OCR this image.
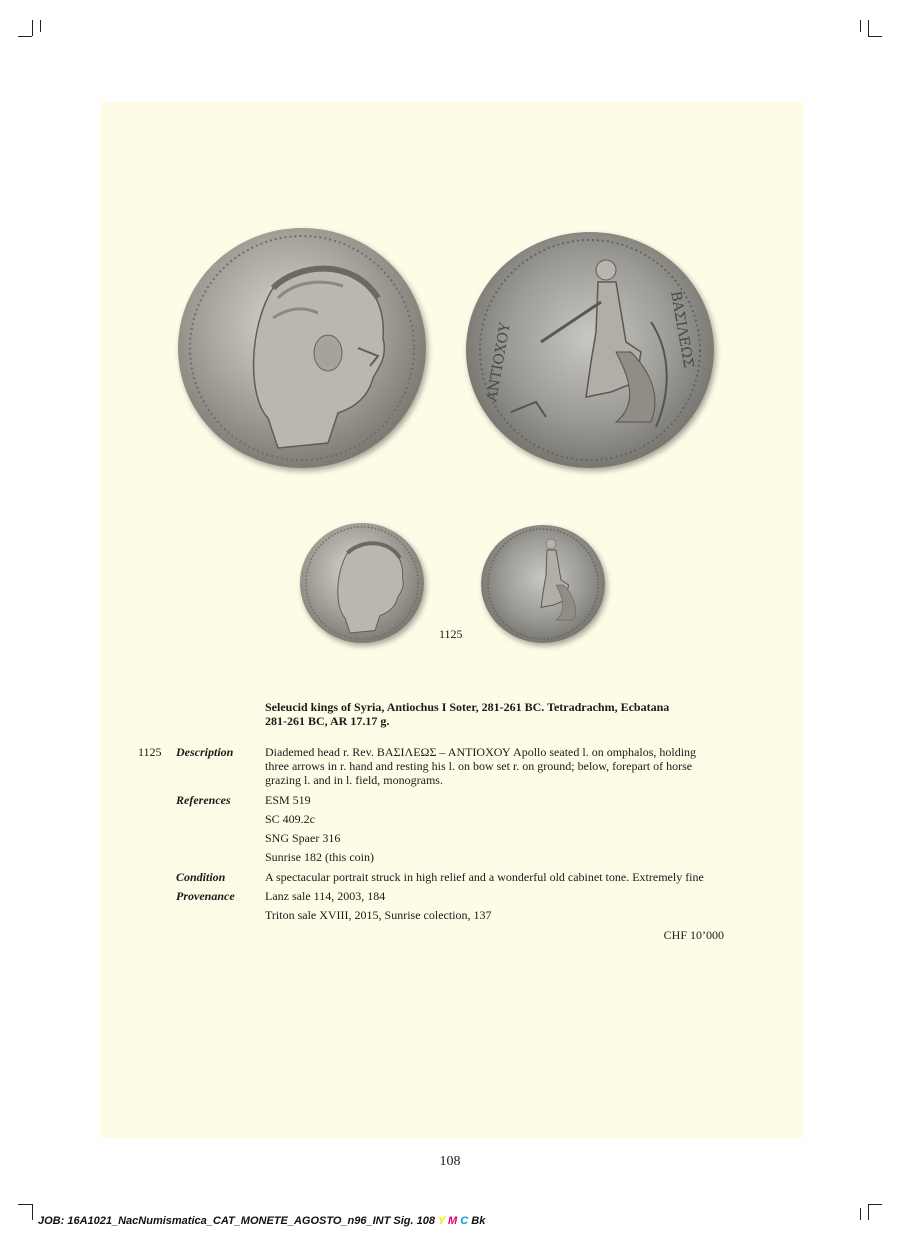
ΒΑΣΙΛΕΩΣ
ΑΝΤΙΟΧΟΥ
1125
Seleucid kings of Syria, Antiochus I Soter, 281-261 BC. Tetradrachm, Ecbatana
281-261 BC, AR 17.17 g.
1125 Description	Diademed head r. Rev. ΒΑΣΙΛΕΩΣ – ΑΝΤΙΟΧΟΥ Apollo seated l. on omphalos, holding
three arrows in r. hand and resting his l. on bow set r. on ground; below, forepart of horse
grazing l. and in l. field, monograms.
References	ESM 519
SC 409.2c
SNG Spaer 316
Sunrise 182 (this coin)
Condition	A spectacular portrait struck in high relief and a wonderful old cabinet tone. Extremely fine
Provenance	Lanz sale 114, 2003, 184
Triton sale XVIII, 2015, Sunrise colection, 137
CHF 10’000
108
JOB: 16A1021_NacNumismatica_CAT_MONETE_AGOSTO_n96_INT Sig. 108 Y M C Bk
